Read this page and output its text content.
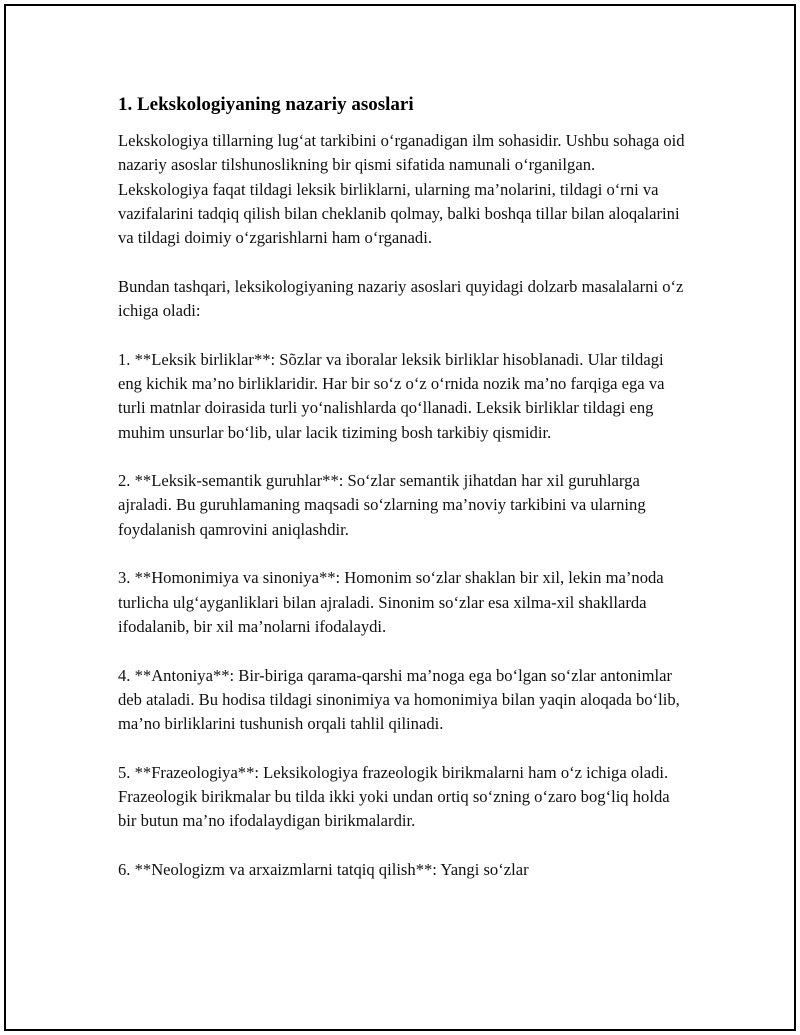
1. Lekskologiyaning nazariy asoslari

Lekskologiya tillarning lug‘at tarkibini o‘rganadigan ilm sohasidir. Ushbu sohaga oid nazariy asoslar tilshunoslikning bir qismi sifatida namunali o‘rganilgan. Lekskologiya faqat tildagi leksik birliklarni, ularning ma’nolarini, tildagi o‘rni va vazifalarini tadqiq qilish bilan cheklanib qolmay, balki boshqa tillar bilan aloqalarini va tildagi doimiy o‘zgarishlarni ham o‘rganadi.

Bundan tashqari, leksikologiyaning nazariy asoslari quyidagi dolzarb masalalarni o‘z ichiga oladi:

1. **Leksik birliklar**: Sõzlar va iboralar leksik birliklar hisoblanadi. Ular tildagi eng kichik ma’no birliklaridir. Har bir so‘z o‘z o‘rnida nozik ma’no farqiga ega va turli matnlar doirasida turli yo‘nalishlarda qo‘llanadi. Leksik birliklar tildagi eng muhim unsurlar bo‘lib, ular lacik tiziming bosh tarkibiy qismidir.

2. **Leksik-semantik guruhlar**: So‘zlar semantik jihatdan har xil guruhlarga ajraladi. Bu guruhlamaning maqsadi so‘zlarning ma’noviy tarkibini va ularning foydalanish qamrovini aniqlashdir.

3. **Homonimiya va sinoniya**: Homonim so‘zlar shaklan bir xil, lekin ma’noda turlicha ulg‘ayganliklari bilan ajraladi. Sinonim so‘zlar esa xilma-xil shakllarda ifodalanib, bir xil ma’nolarni ifodalaydi.

4. **Antoniya**: Bir-biriga qarama-qarshi ma’noga ega bo‘lgan so‘zlar antonimlar deb ataladi. Bu hodisa tildagi sinonimiya va homonimiya bilan yaqin aloqada bo‘lib, ma’no birliklarini tushunish orqali tahlil qilinadi.

5. **Frazeologiya**: Leksikologiya frazeologik birikmalarni ham o‘z ichiga oladi. Frazeologik birikmalar bu tilda ikki yoki undan ortiq so‘zning o‘zaro bog‘liq holda bir butun ma’no ifodalaydigan birikmalardir.

6. **Neologizm va arxaizmlarni tatqiq qilish**: Yangi so‘zlar
